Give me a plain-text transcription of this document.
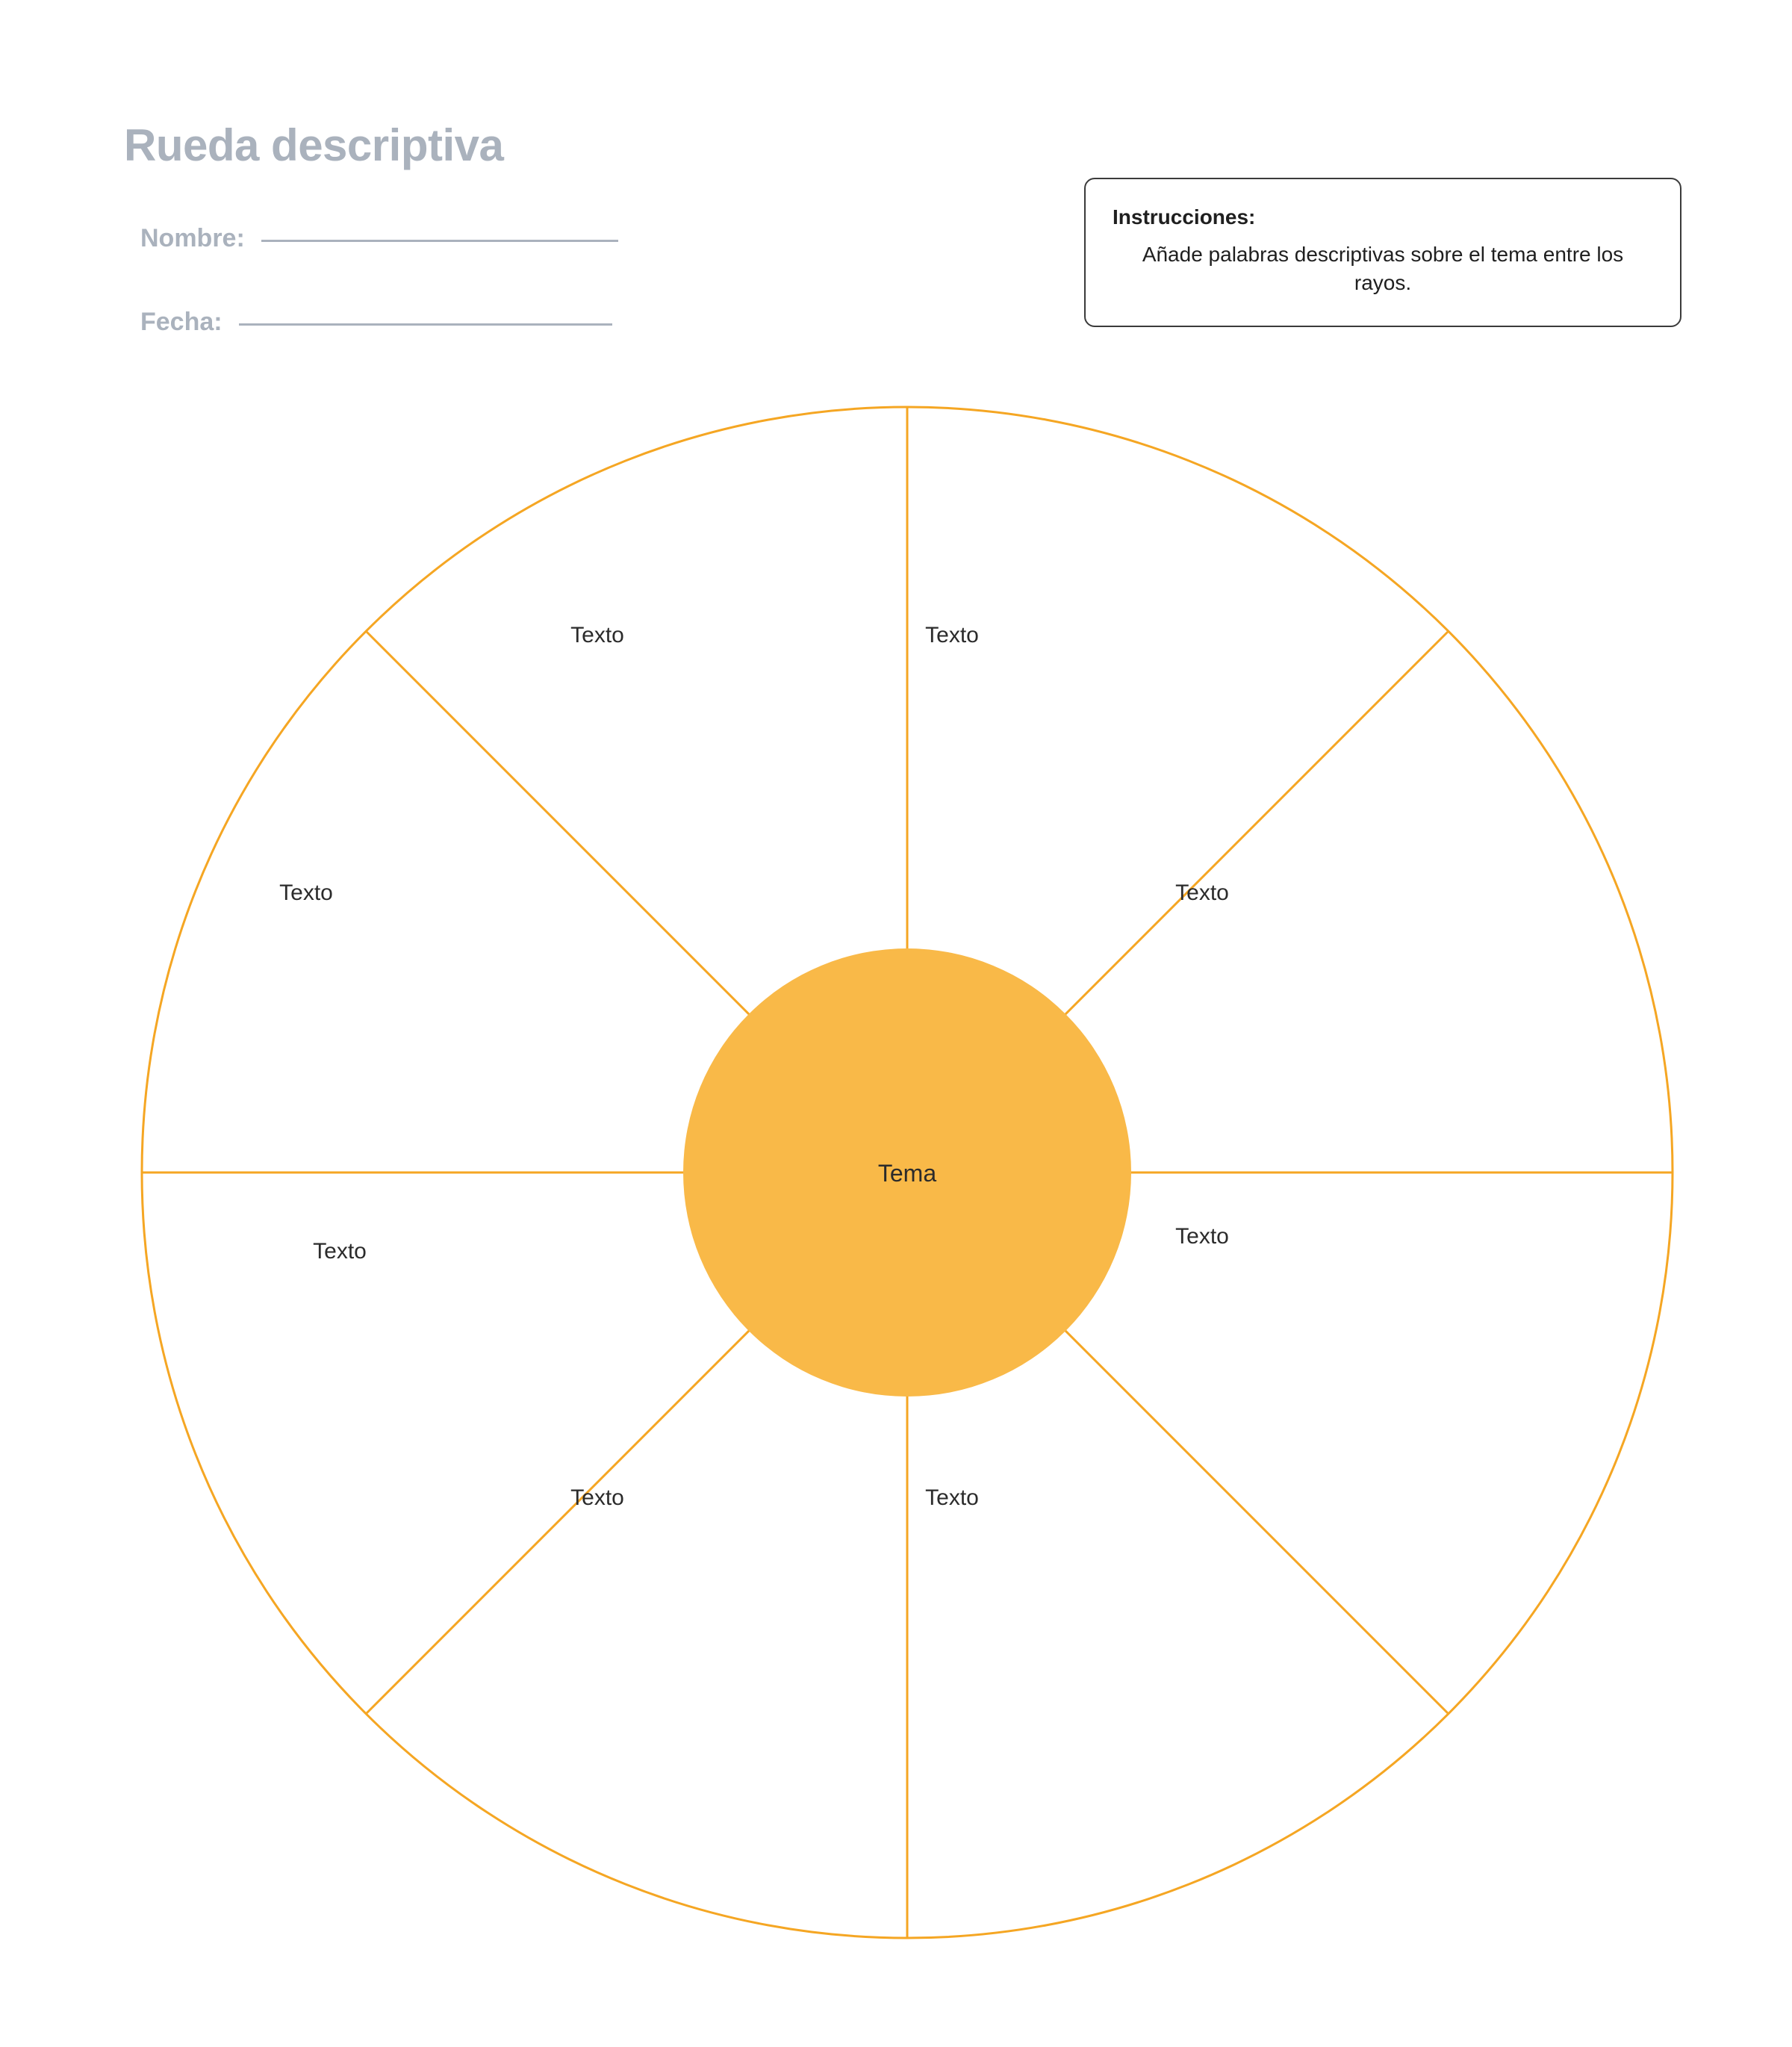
Rueda descriptiva
Nombre:
Fecha:
Instrucciones:
Añade palabras descriptivas sobre el tema entre los rayos.
Tema
Texto	Texto
Texto
Texto
Texto
Texto
Texto
Texto
